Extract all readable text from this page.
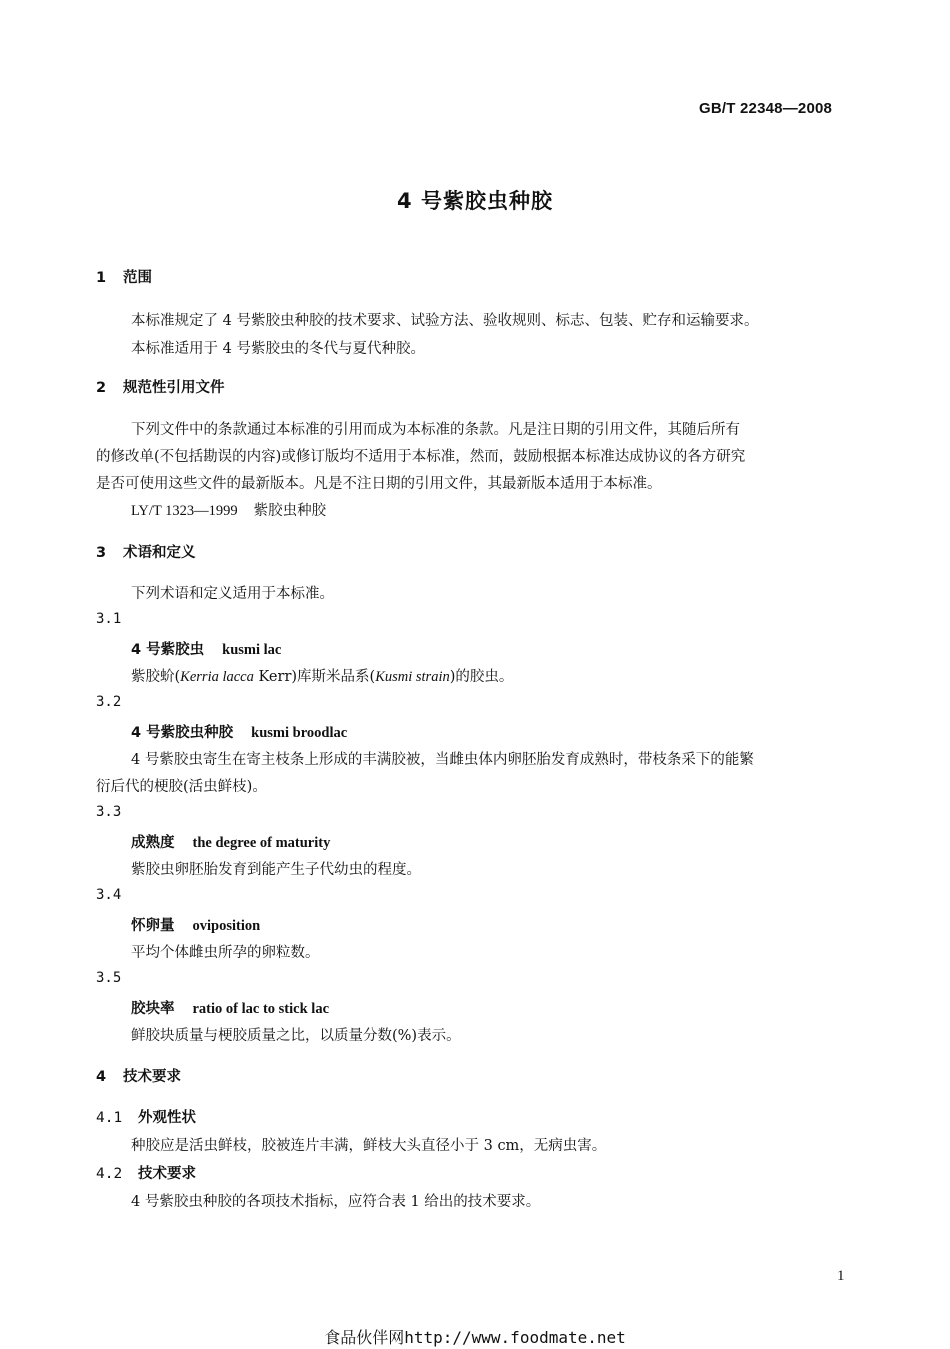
GB/T 22348—2008
4 号紫胶虫种胶
1 范围
本标准规定了 4 号紫胶虫种胶的技术要求、试验方法、验收规则、标志、包装、贮存和运输要求。
本标准适用于 4 号紫胶虫的冬代与夏代种胶。
2 规范性引用文件
下列文件中的条款通过本标准的引用而成为本标准的条款。凡是注日期的引用文件，其随后所有
的修改单(不包括勘误的内容)或修订版均不适用于本标准，然而，鼓励根据本标准达成协议的各方研究
是否可使用这些文件的最新版本。凡是不注日期的引用文件，其最新版本适用于本标准。
LY/T 1323—1999 紫胶虫种胶
3 术语和定义
下列术语和定义适用于本标准。
3.1
4 号紫胶虫 kusmi lac
紫胶蚧(Kerria lacca Kerr)库斯米品系(Kusmi strain)的胶虫。
3.2
4 号紫胶虫种胶 kusmi broodlac
4 号紫胶虫寄生在寄主枝条上形成的丰满胶被，当雌虫体内卵胚胎发育成熟时，带枝条采下的能繁
衍后代的梗胶(活虫鲜枝)。
3.3
成熟度 the degree of maturity
紫胶虫卵胚胎发育到能产生子代幼虫的程度。
3.4
怀卵量 oviposition
平均个体雌虫所孕的卵粒数。
3.5
胶块率 ratio of lac to stick lac
鲜胶块质量与梗胶质量之比，以质量分数(%)表示。
4 技术要求
4.1 外观性状
种胶应是活虫鲜枝，胶被连片丰满，鲜枝大头直径小于 3 cm，无病虫害。
4.2 技术要求
4 号紫胶虫种胶的各项技术指标，应符合表 1 给出的技术要求。
1
食品伙伴网http://www.foodmate.net
